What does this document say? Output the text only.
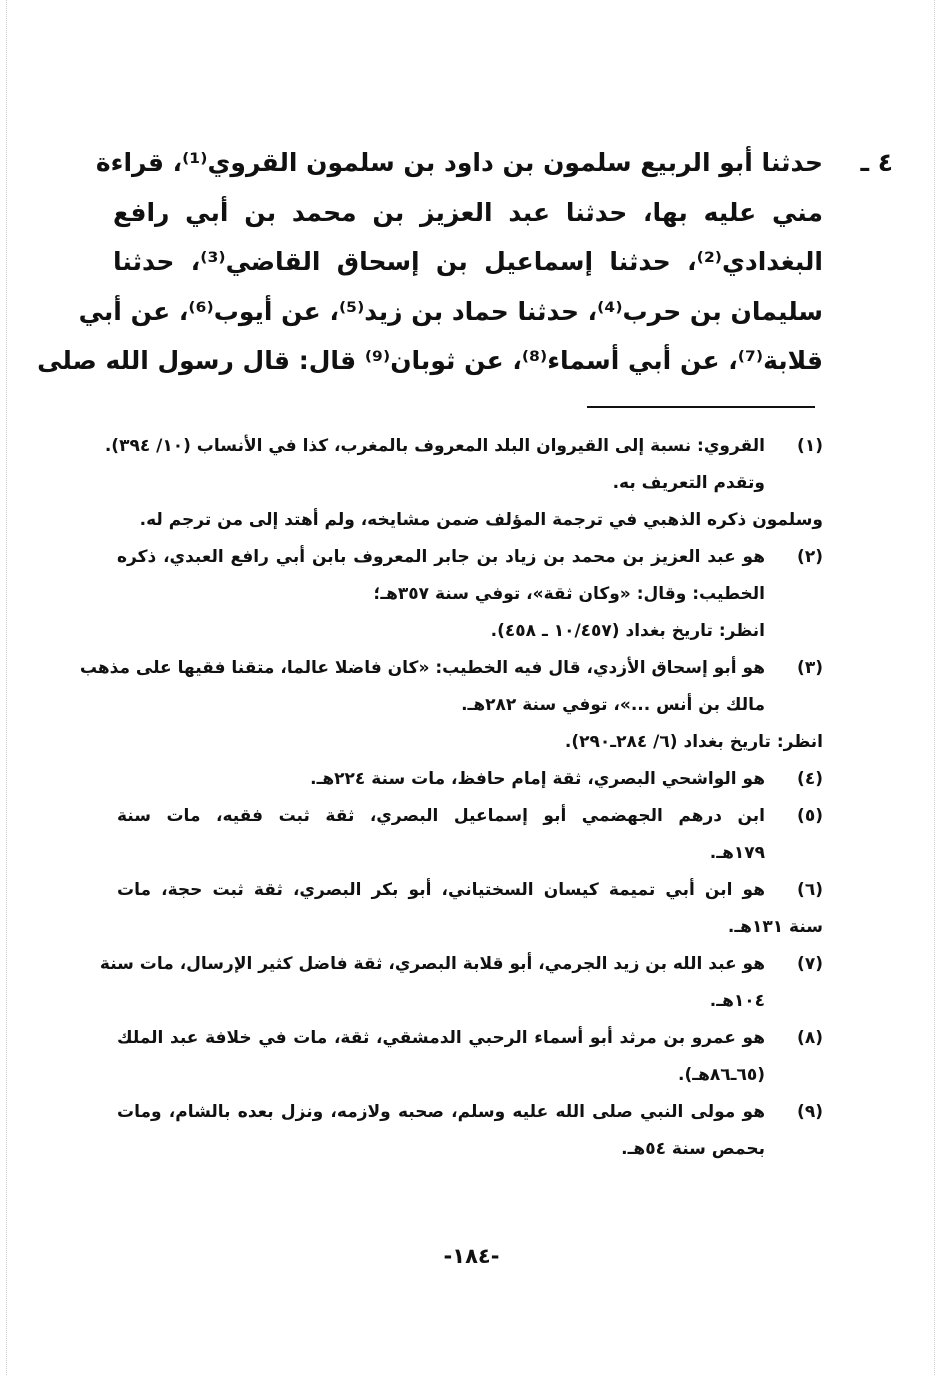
٤ ـ
حدثنا أبو الربيع سلمون بن داود بن سلمون القروي⁽¹⁾، قراءة
مني عليه بها، حدثنا عبد العزيز بن محمد بن أبي رافع
البغدادي⁽²⁾، حدثنا إسماعيل بن إسحاق القاضي⁽³⁾، حدثنا
سليمان بن حرب⁽⁴⁾، حدثنا حماد بن زيد⁽⁵⁾، عن أيوب⁽⁶⁾، عن أبي
قلابة⁽⁷⁾، عن أبي أسماء⁽⁸⁾، عن ثوبان⁽⁹⁾ قال: قال رسول الله صلى
(١)القروي: نسبة إلى القيروان البلد المعروف بالمغرب، كذا في الأنساب (١٠/ ٣٩٤).
وتقدم التعريف به.
وسلمون ذكره الذهبي في ترجمة المؤلف ضمن مشايخه، ولم أهتد إلى من ترجم له.
(٢)هو عبد العزيز بن محمد بن زياد بن جابر المعروف بابن أبي رافع العبدي، ذكره
الخطيب: وقال: «وكان ثقة»، توفي سنة ٣٥٧هـ؛
انظر: تاريخ بغداد (١٠/٤٥٧ ـ ٤٥٨).
(٣)هو أبو إسحاق الأزدي، قال فيه الخطيب: «كان فاضلا عالما، متقنا فقيها على مذهب
مالك بن أنس ...»، توفي سنة ٢٨٢هـ.
انظر: تاريخ بغداد (٦/ ٢٨٤ـ٢٩٠).
(٤)هو الواشحي البصري، ثقة إمام حافظ، مات سنة ٢٢٤هـ.
(٥)ابن درهم الجهضمي أبو إسماعيل البصري، ثقة ثبت فقيه، مات سنة
١٧٩هـ.
(٦)هو ابن أبي تميمة كيسان السختياني، أبو بكر البصري، ثقة ثبت حجة، مات
سنة ١٣١هـ.
(٧)هو عبد الله بن زيد الجرمي، أبو قلابة البصري، ثقة فاضل كثير الإرسال، مات سنة
١٠٤هـ.
(٨)هو عمرو بن مرثد أبو أسماء الرحبي الدمشقي، ثقة، مات في خلافة عبد الملك
(٦٥ـ٨٦هـ).
(٩)هو مولى النبي صلى الله عليه وسلم، صحبه ولازمه، ونزل بعده بالشام، ومات
بحمص سنة ٥٤هـ.
-١٨٤-
